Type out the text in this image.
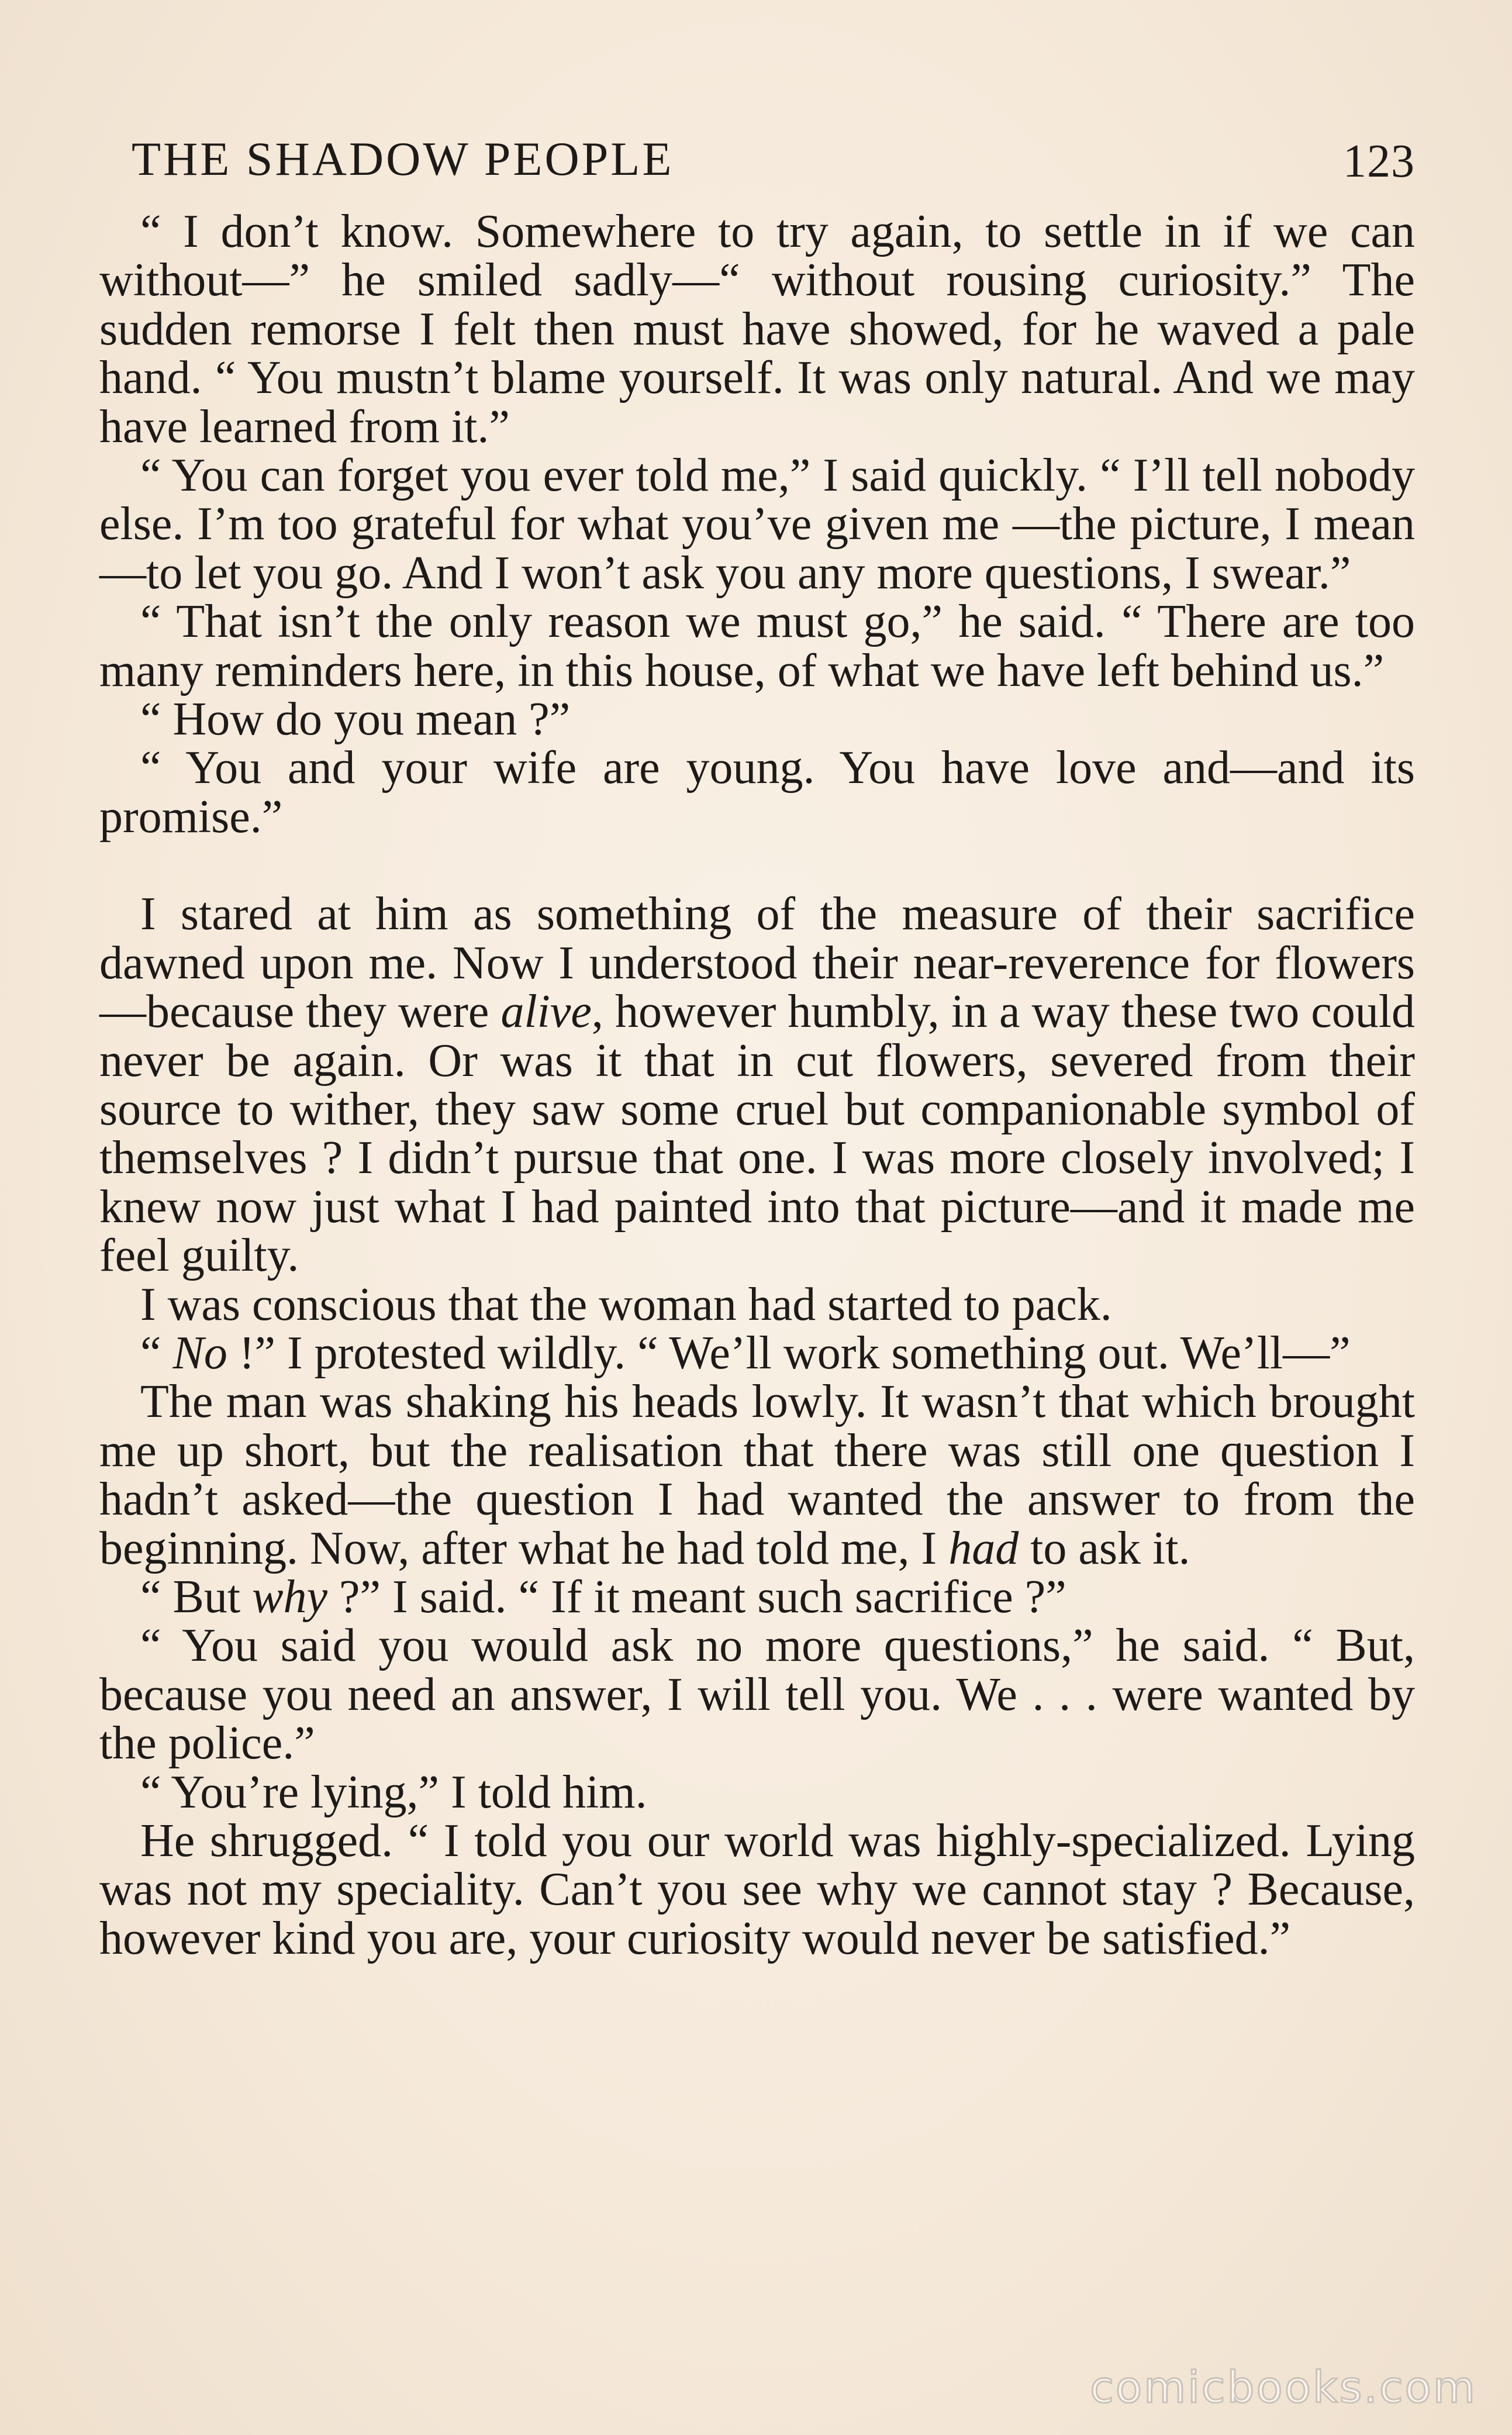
THE SHADOW PEOPLE	123

“ I don’t know. Somewhere to try again, to settle in if we can without—” he smiled sadly—“ without rousing curiosity.” The sudden remorse I felt then must have showed, for he waved a pale hand. “ You mustn’t blame yourself. It was only natural. And we may have learned from it.”

“ You can forget you ever told me,” I said quickly. “ I’ll tell nobody else. I’m too grateful for what you’ve given me —the picture, I mean—to let you go. And I won’t ask you any more questions, I swear.”

“ That isn’t the only reason we must go,” he said. “ There are too many reminders here, in this house, of what we have left behind us.”

“ How do you mean ?”

“ You and your wife are young. You have love and—and its promise.”

I stared at him as something of the measure of their sacrifice dawned upon me. Now I understood their near-reverence for flowers—because they were alive, however humbly, in a way these two could never be again. Or was it that in cut flowers, severed from their source to wither, they saw some cruel but companionable symbol of themselves ? I didn’t pursue that one. I was more closely involved; I knew now just what I had painted into that picture—and it made me feel guilty.

I was conscious that the woman had started to pack.

“ No !” I protested wildly. “ We’ll work something out. We’ll—”

The man was shaking his heads lowly. It wasn’t that which brought me up short, but the realisation that there was still one question I hadn’t asked—the question I had wanted the answer to from the beginning. Now, after what he had told me, I had to ask it.

“ But why ?” I said. “ If it meant such sacrifice ?”

“ You said you would ask no more questions,” he said. “ But, because you need an answer, I will tell you. We . . . were wanted by the police.”

“ You’re lying,” I told him.

He shrugged. “ I told you our world was highly-specialized. Lying was not my speciality. Can’t you see why we cannot stay ? Because, however kind you are, your curiosity would never be satisfied.”

comicbooks.com
